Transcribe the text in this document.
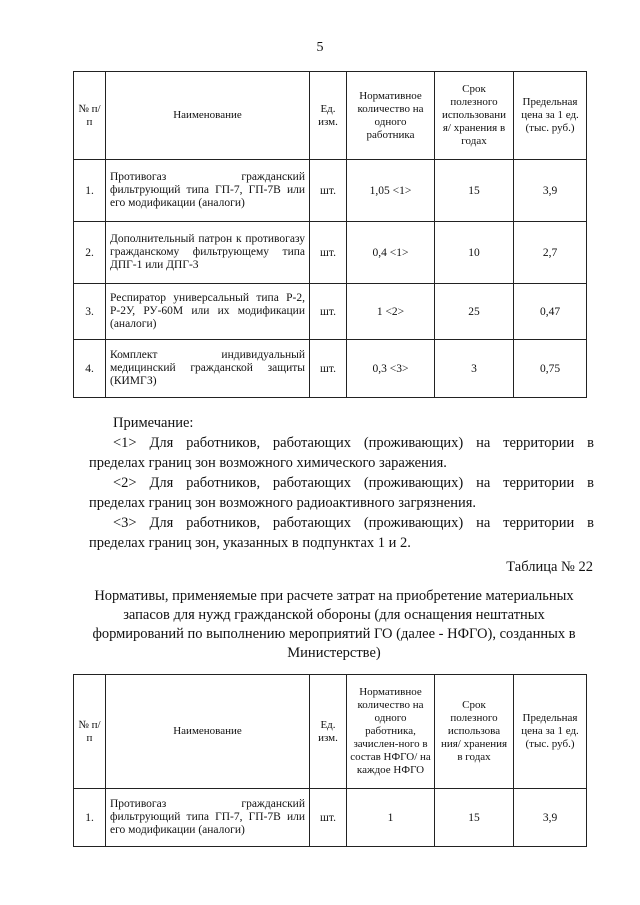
5
№ п/п	Наименование	Ед. изм.	Нормативное количество на одного работника	Срок полезного использовани я/ хранения в годах	Предельная цена за 1 ед. (тыс. руб.)
1.	Противогаз гражданский фильтрующий типа ГП-7, ГП-7В или его модификации (аналоги)	шт.	1,05 <1>	15	3,9
2.	Дополнительный патрон к противогазу гражданскому фильтрующему типа ДПГ-1 или ДПГ-3	шт.	0,4 <1>	10	2,7
3.	Респиратор универсальный типа Р-2, Р-2У, РУ-60М или их модификации (аналоги)	шт.	1 <2>	25	0,47
4.	Комплект индивидуальный медицинский гражданской защиты (КИМГЗ)	шт.	0,3 <3>	3	0,75

Примечание:

<1> Для работников, работающих (проживающих) на территории в

пределах границ зон возможного химического заражения.

<2> Для работников, работающих (проживающих) на территории в

пределах границ зон возможного радиоактивного загрязнения.

<3> Для работников, работающих (проживающих) на территории в

пределах границ зон, указанных в подпунктах 1 и 2.

Таблица № 22
Нормативы, применяемые при расчете затрат на приобретение материальных
запасов для нужд гражданской обороны (для оснащения нештатных
формирований по выполнению мероприятий ГО (далее - НФГО), созданных в
Министерстве)
№ п/п	Наименование	Ед. изм.	Нормативное количество на одного работника, зачислен-ного в состав НФГО/ на каждое НФГО	Срок полезного использова ния/ хранения в годах	Предельная цена за 1 ед. (тыс. руб.)
1.	Противогаз гражданский фильтрующий типа ГП-7, ГП-7В или его модификации (аналоги)	шт.	1	15	3,9
